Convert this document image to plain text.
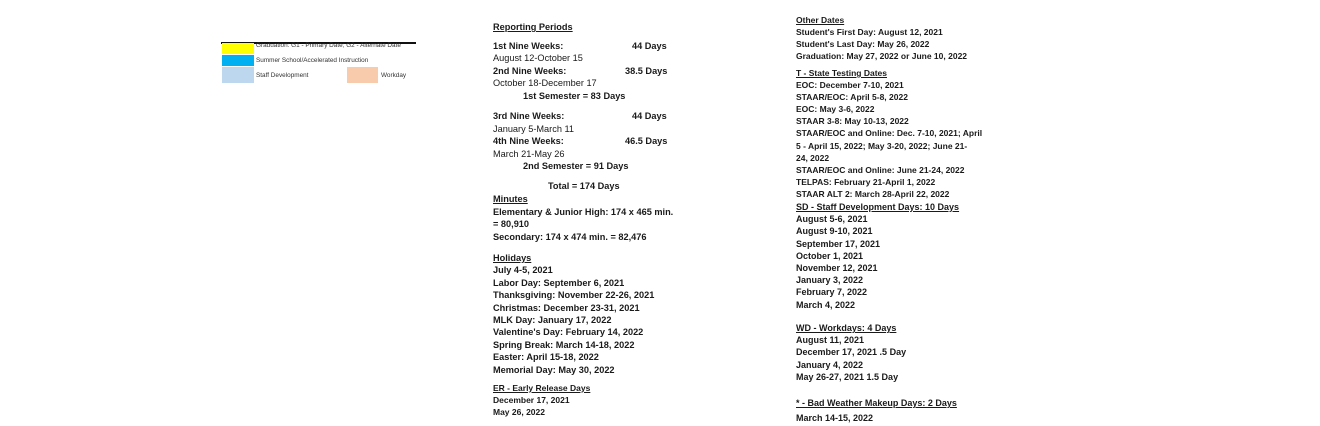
Graduation: G1 - Primary Date; G2 - Alternate Date
Summer School/Accelerated Instruction
Staff Development	Workday
Reporting Periods
1st Nine Weeks:	44 Days
August 12-October 15
2nd Nine Weeks:	38.5 Days
October 18-December 17
1st Semester = 83 Days
3rd Nine Weeks:	44 Days
January 5-March 11
4th Nine Weeks:	46.5 Days
March 21-May 26
2nd Semester = 91 Days
Total = 174 Days
Minutes
Elementary & Junior High: 174 x 465 min.
= 80,910
Secondary: 174 x 474 min. = 82,476
Holidays
July 4-5, 2021
Labor Day: September 6, 2021
Thanksgiving: November 22-26, 2021
Christmas: December 23-31, 2021
MLK Day: January 17, 2022
Valentine's Day: February 14, 2022
Spring Break: March 14-18, 2022
Easter: April 15-18, 2022
Memorial Day: May 30, 2022
ER - Early Release Days
December 17, 2021
May 26, 2022
Other Dates
Student's First Day: August 12, 2021
Student's Last Day: May 26, 2022
Graduation: May 27, 2022 or June 10, 2022
T - State Testing Dates
EOC: December 7-10, 2021
STAAR/EOC: April 5-8, 2022
EOC: May 3-6, 2022
STAAR 3-8: May 10-13, 2022
STAAR/EOC and Online: Dec. 7-10, 2021; April
5 - April 15, 2022; May 3-20, 2022; June 21-
24, 2022
STAAR/EOC and Online: June 21-24, 2022
TELPAS: February 21-April 1, 2022
STAAR ALT 2: March 28-April 22, 2022
SD - Staff Development Days: 10 Days
August 5-6, 2021
August 9-10, 2021
September 17, 2021
October 1, 2021
November 12, 2021
January 3, 2022
February 7, 2022
March 4, 2022
WD - Workdays: 4 Days
August 11, 2021
December 17, 2021 .5 Day
January 4, 2022
May 26-27, 2021 1.5 Day
* - Bad Weather Makeup Days: 2 Days
March 14-15, 2022
